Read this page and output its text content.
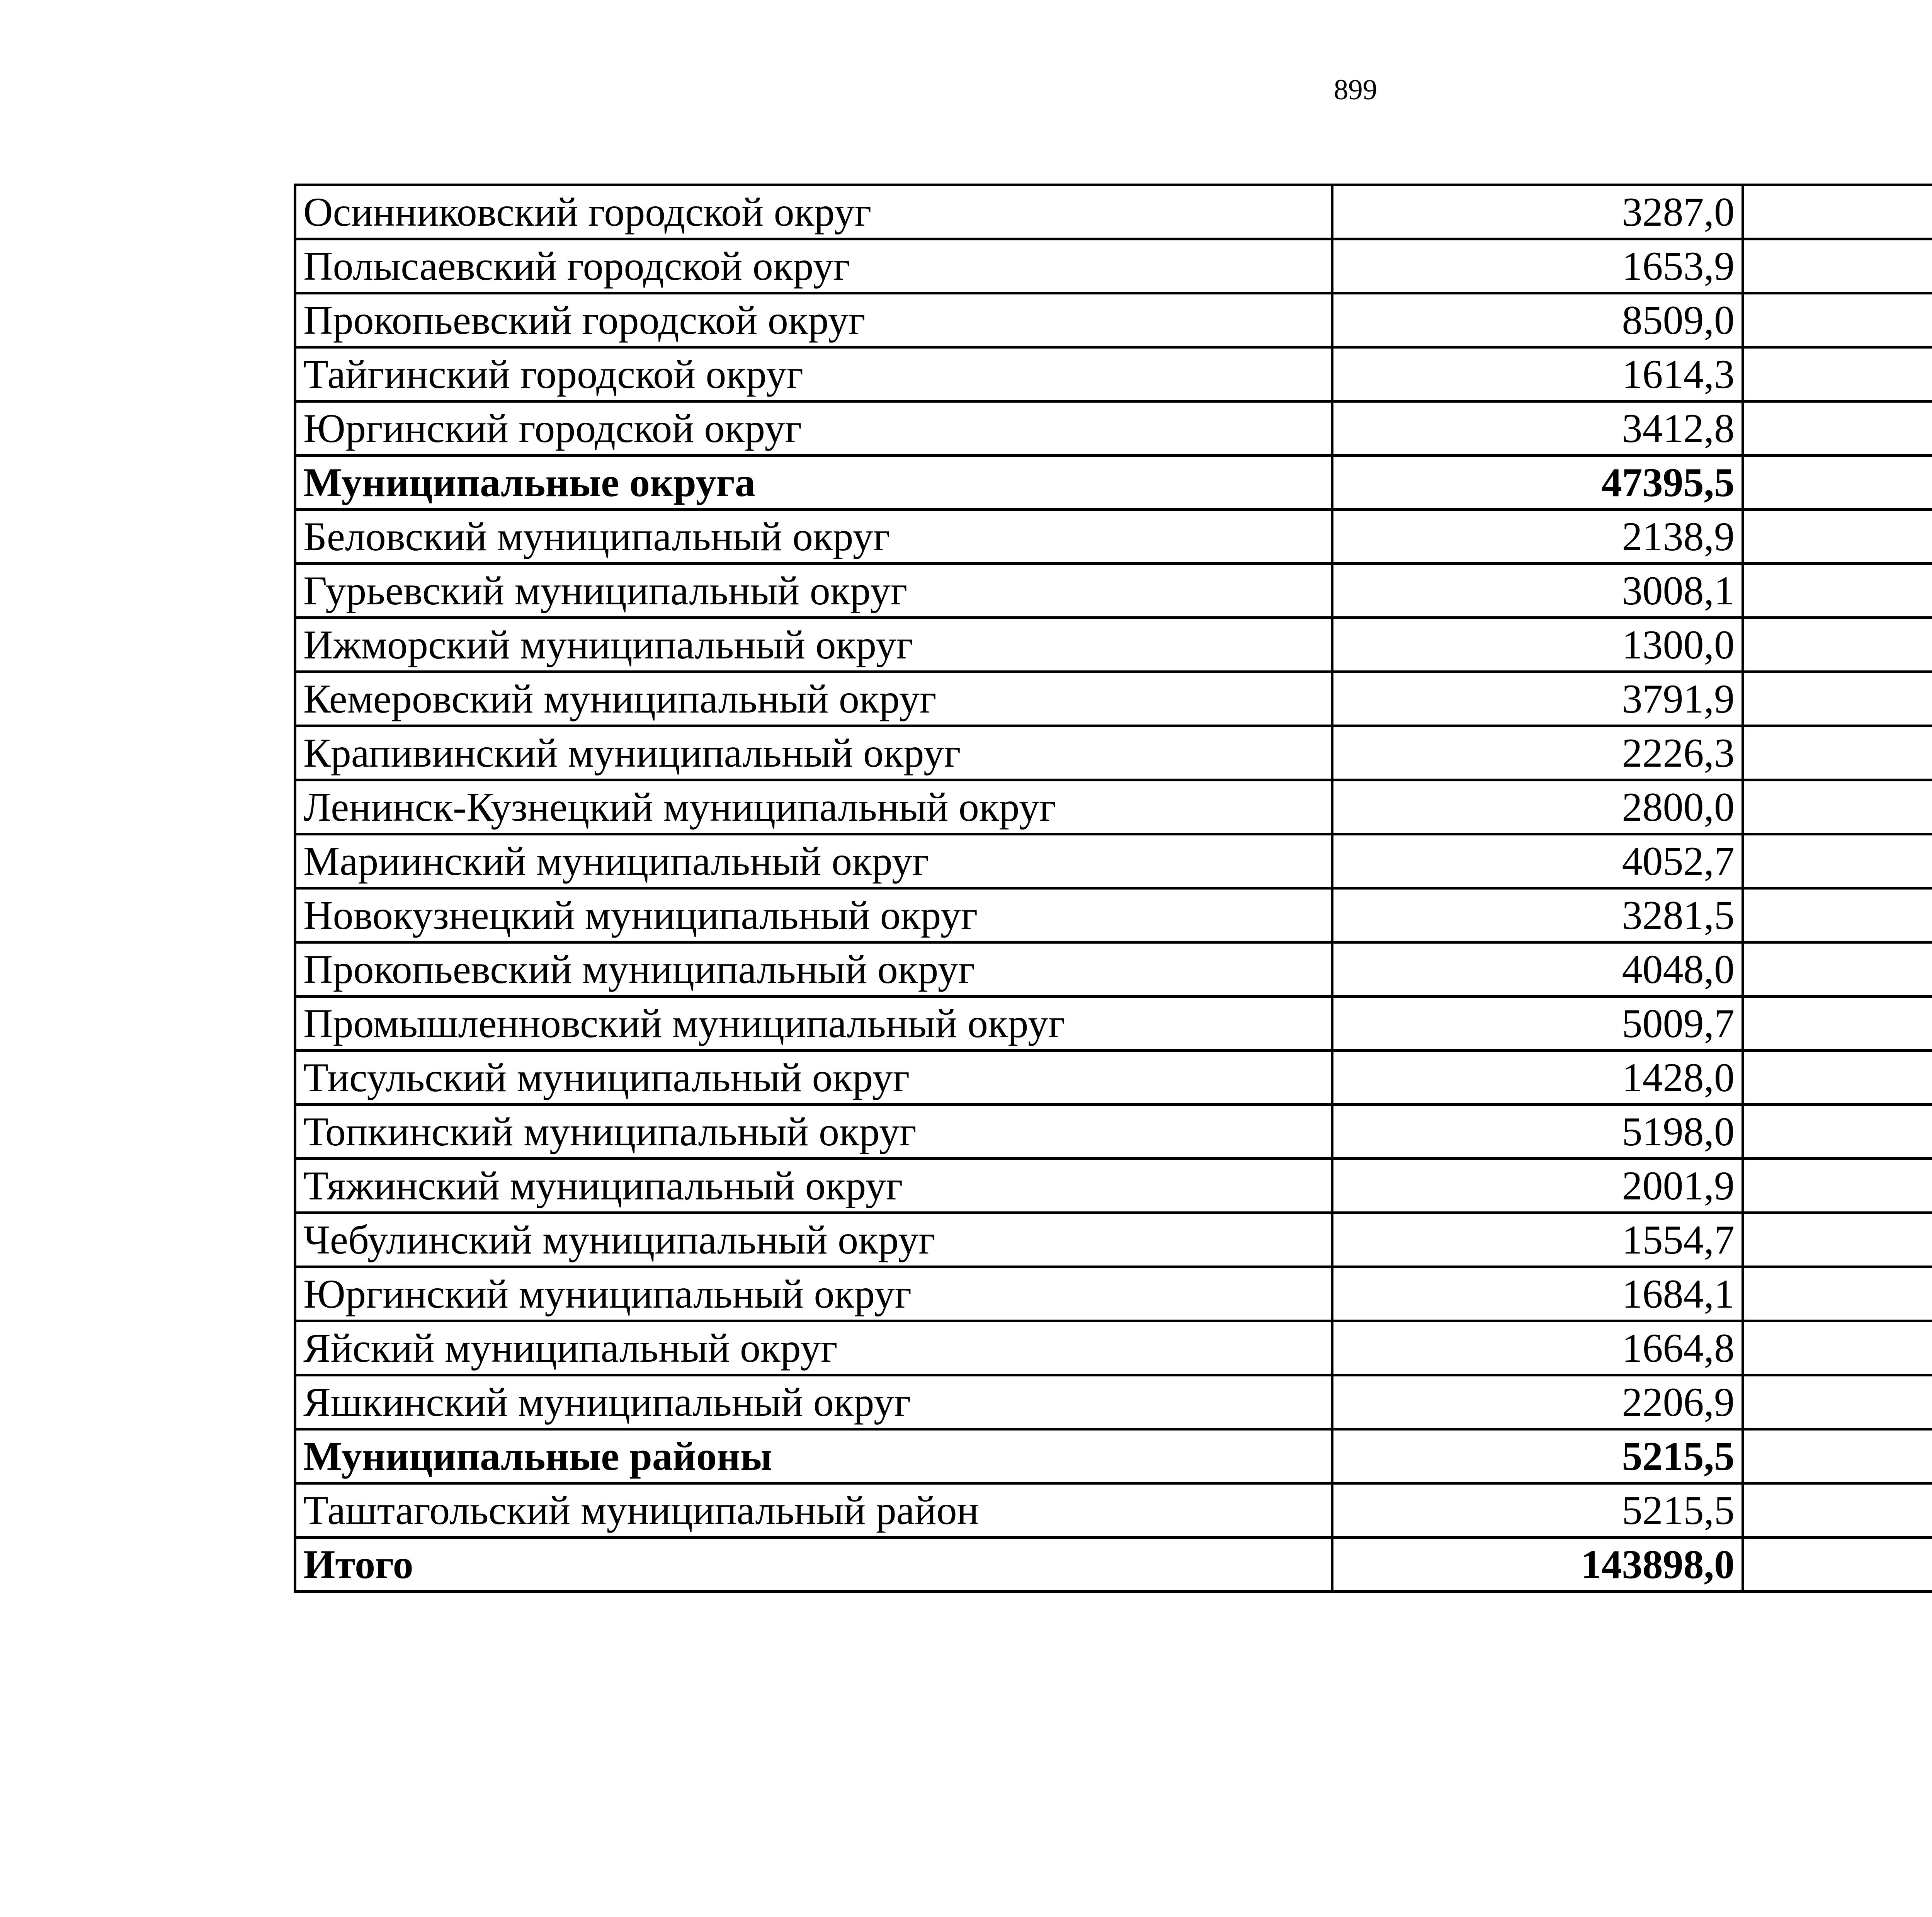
899
Осинниковский городской округ	3287,0		
Полысаевский городской округ	1653,9		
Прокопьевский городской округ	8509,0		
Тайгинский городской округ	1614,3		
Юргинский городской округ	3412,8		
Муниципальные округа	47395,5		
Беловский муниципальный округ	2138,9		
Гурьевский муниципальный округ	3008,1		
Ижморский муниципальный округ	1300,0		
Кемеровский муниципальный округ	3791,9		
Крапивинский муниципальный округ	2226,3		
Ленинск-Кузнецкий муниципальный округ	2800,0		
Мариинский муниципальный округ	4052,7		
Новокузнецкий муниципальный округ	3281,5		
Прокопьевский муниципальный округ	4048,0		
Промышленновский муниципальный округ	5009,7		
Тисульский муниципальный округ	1428,0		
Топкинский муниципальный округ	5198,0		
Тяжинский муниципальный округ	2001,9		
Чебулинский муниципальный округ	1554,7		
Юргинский муниципальный округ	1684,1		
Яйский муниципальный округ	1664,8		
Яшкинский муниципальный округ	2206,9		
Муниципальные районы	5215,5		
Таштагольский муниципальный район	5215,5		
Итого	143898,0		
